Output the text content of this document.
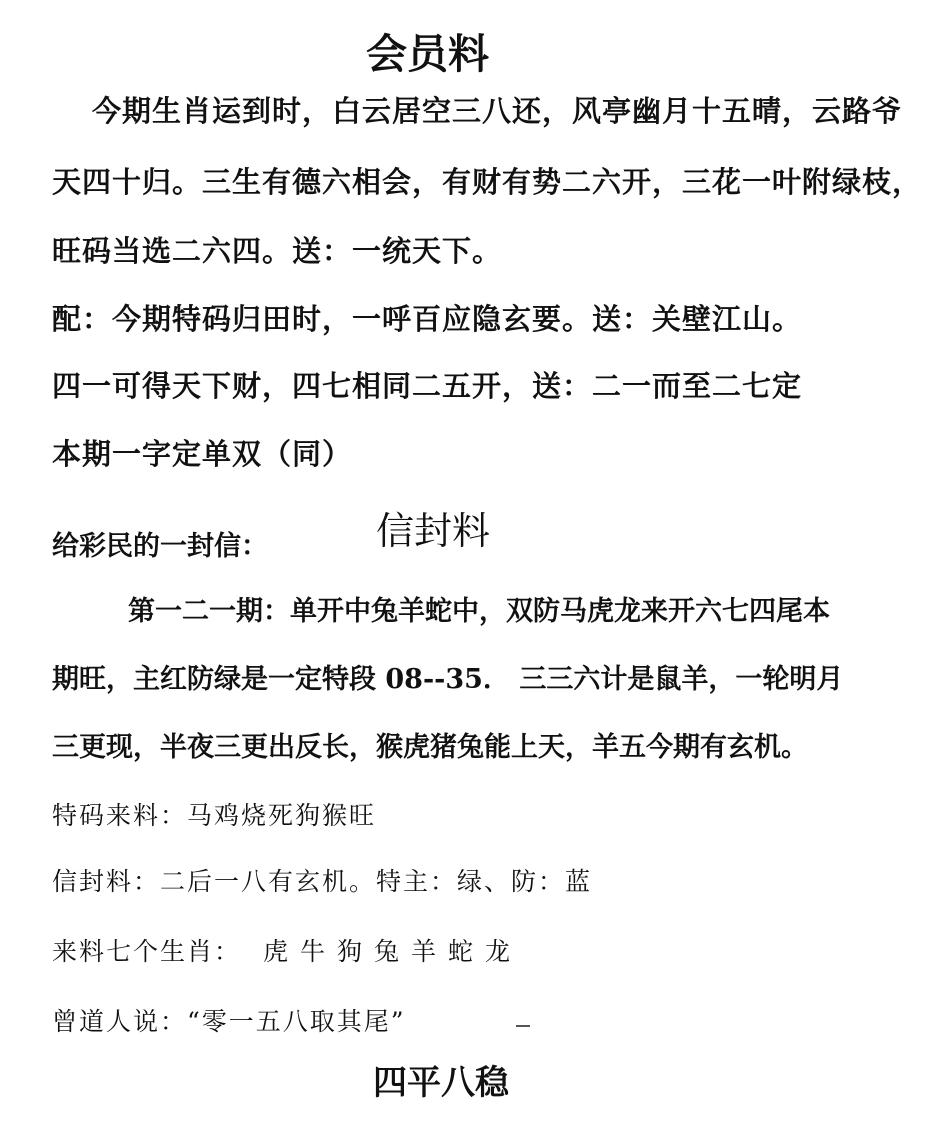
会员料
今期生肖运到时，白云居空三八还，风亭幽月十五晴，云路爷
天四十归。三生有德六相会，有财有势二六开，三花一叶附绿枝，
旺码当选二六四。送：一统天下。
配：今期特码归田时，一呼百应隐玄要。送：关壁江山。
四一可得天下财，四七相同二五开，送：二一而至二七定
本期一字定单双（同）
给彩民的一封信：	信封料
第一二一期：单开中兔羊蛇中，双防马虎龙来开六七四尾本
期旺，主红防绿是一定特段 08--35． 三三六计是鼠羊，一轮明月
三更现，半夜三更出反长，猴虎猪兔能上天，羊五今期有玄机。
特码来料：马鸡烧死狗猴旺
信封料：二后一八有玄机。特主：绿、防：蓝
来料七个生肖： 虎牛狗兔羊蛇龙
曾道人说：“零一五八取其尾”
四平八稳
